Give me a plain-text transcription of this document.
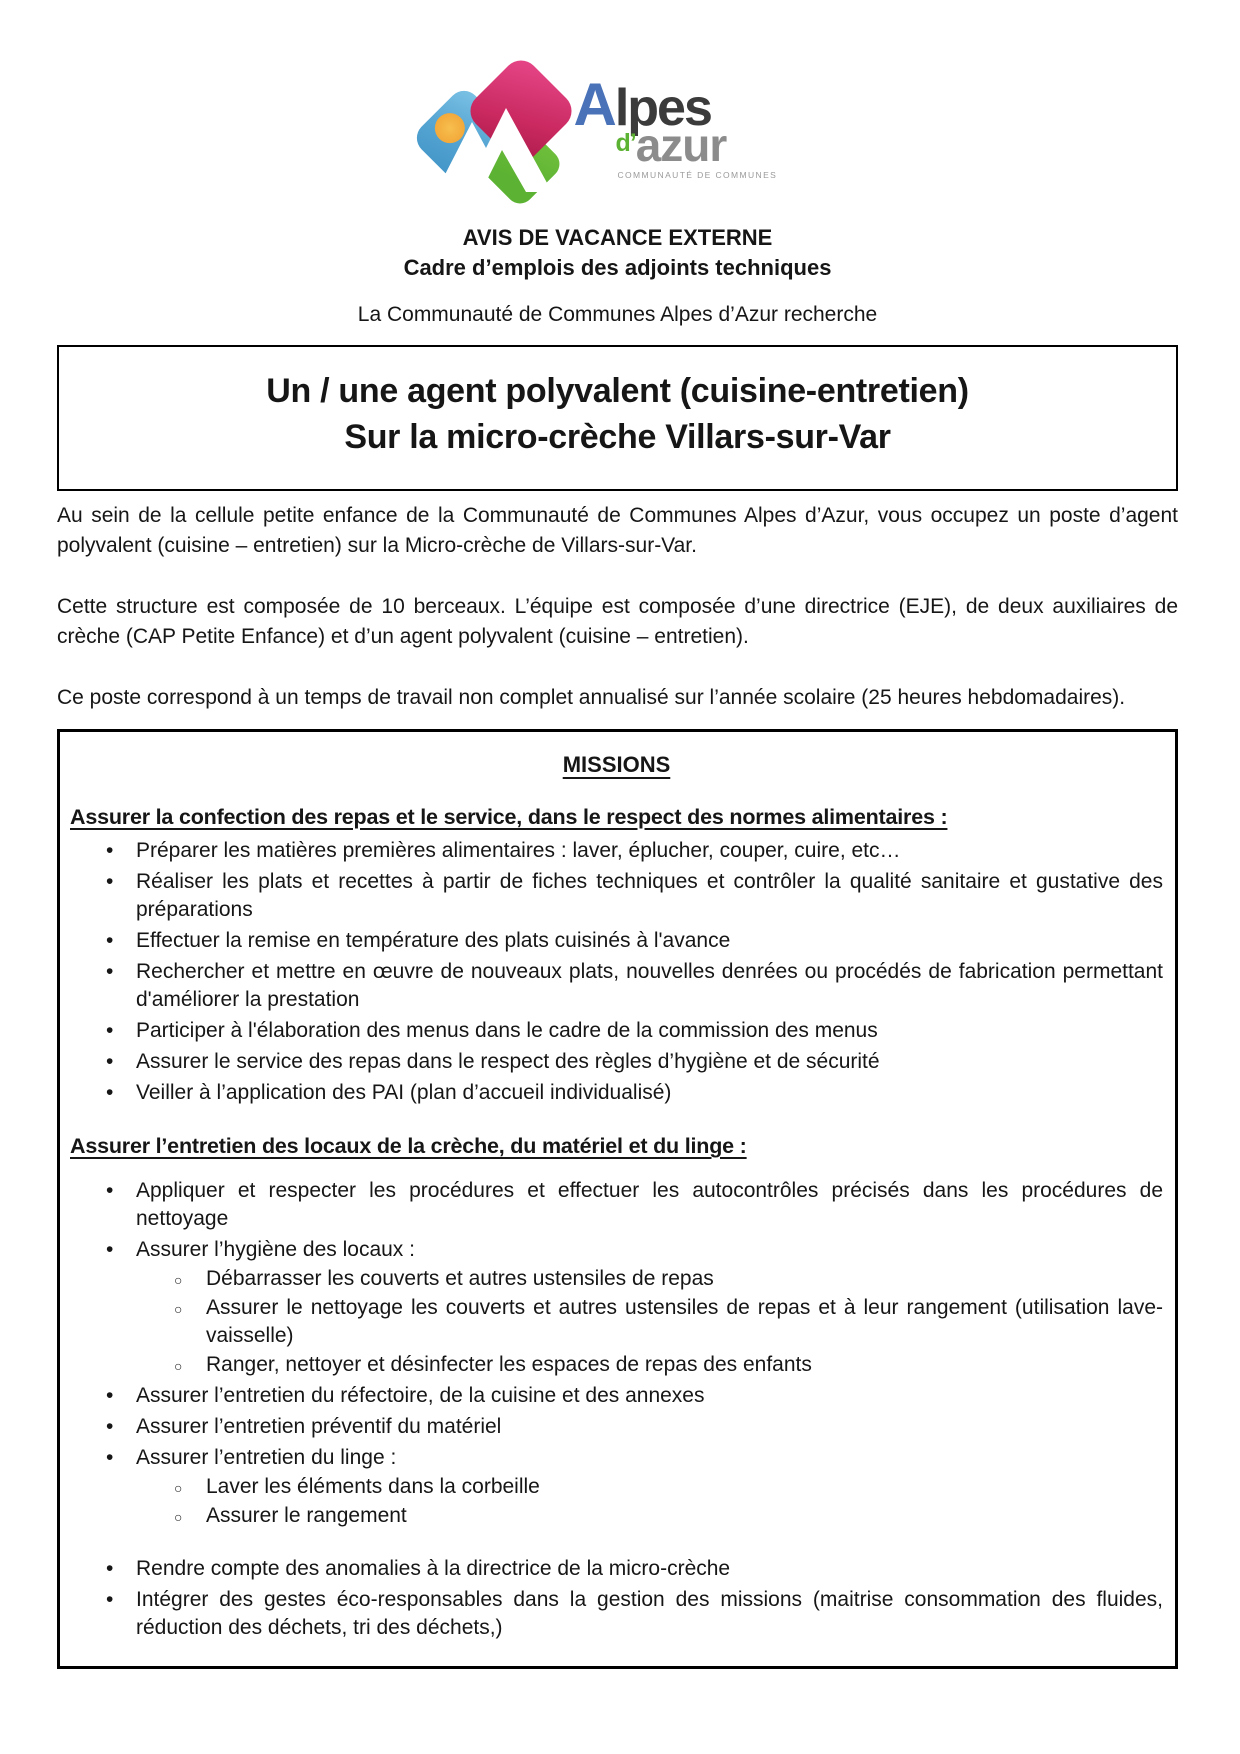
Alpes
d’azur
COMMUNAUTÉ DE COMMUNES
AVIS DE VACANCE EXTERNE
Cadre d’emplois des adjoints techniques
La Communauté de Communes Alpes d’Azur recherche
Un / une agent polyvalent (cuisine-entretien)
Sur la micro-crèche Villars-sur-Var

Au sein de la cellule petite enfance de la Communauté de Communes Alpes d’Azur, vous occupez un poste d’agent polyvalent (cuisine – entretien) sur la Micro-crèche de Villars-sur-Var.

Cette structure est composée de 10 berceaux. L’équipe est composée d’une directrice (EJE), de deux auxiliaires de crèche (CAP Petite Enfance) et d’un agent polyvalent (cuisine – entretien).

Ce poste correspond à un temps de travail non complet annualisé sur l’année scolaire (25 heures hebdomadaires).

MISSIONS
Assurer la confection des repas et le service, dans le respect des normes alimentaires :
• Préparer les matières premières alimentaires : laver, éplucher, couper, cuire, etc…
• Réaliser les plats et recettes à partir de fiches techniques et contrôler la qualité sanitaire et gustative des préparations
• Effectuer la remise en température des plats cuisinés à l'avance
• Rechercher et mettre en œuvre de nouveaux plats, nouvelles denrées ou procédés de fabrication permettant d'améliorer la prestation
• Participer à l'élaboration des menus dans le cadre de la commission des menus
• Assurer le service des repas dans le respect des règles d’hygiène et de sécurité
• Veiller à l’application des PAI (plan d’accueil individualisé)
Assurer l’entretien des locaux de la crèche, du matériel et du linge :
• Appliquer et respecter les procédures et effectuer les autocontrôles précisés dans les procédures de nettoyage
• Assurer l’hygiène des locaux :
○ Débarrasser les couverts et autres ustensiles de repas
○ Assurer le nettoyage les couverts et autres ustensiles de repas et à leur rangement (utilisation lave-vaisselle)
○ Ranger, nettoyer et désinfecter les espaces de repas des enfants
• Assurer l’entretien du réfectoire, de la cuisine et des annexes
• Assurer l’entretien préventif du matériel
• Assurer l’entretien du linge :
○ Laver les éléments dans la corbeille
○ Assurer le rangement
• Rendre compte des anomalies à la directrice de la micro-crèche
• Intégrer des gestes éco-responsables dans la gestion des missions (maitrise consommation des fluides, réduction des déchets, tri des déchets,)
